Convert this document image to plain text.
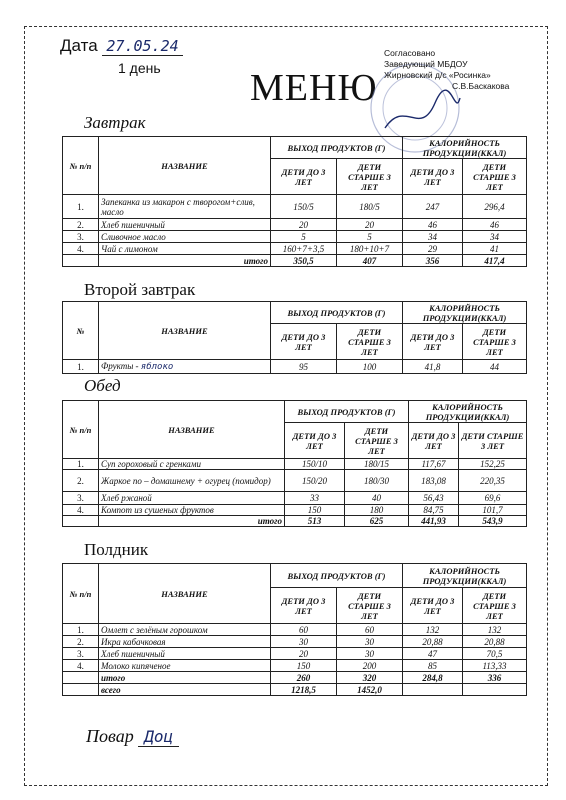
Дата 27.05.24
1 день МЕНЮ
Согласовано
Заведующий МБДОУ
Жирновский д/с «Росинка»
С.В.Баскакова
Завтрак
№ п/п	НАЗВАНИЕ	ВЫХОД ПРОДУКТОВ (Г)		КАЛОРИЙНОСТЬ ПРОДУКЦИИ(ККАЛ)	
		ДЕТИ ДО 3 ЛЕТ	ДЕТИ СТАРШЕ 3 ЛЕТ	ДЕТИ ДО 3 ЛЕТ	ДЕТИ СТАРШЕ 3 ЛЕТ
1.	Запеканка из макарон с творогом+слив, масло	150/5	180/5	247	296,4
2.	Хлеб пшеничный	20	20	46	46
3.	Сливочное масло	5	5	34	34
4.	Чай с лимоном	160+7+3,5	180+10+7	29	41
	итого	350,5	407	356	417,4
Второй завтрак
№	НАЗВАНИЕ	ВЫХОД ПРОДУКТОВ (Г)		КАЛОРИЙНОСТЬ ПРОДУКЦИИ(ККАЛ)	
		ДЕТИ ДО 3 ЛЕТ	ДЕТИ СТАРШЕ 3 ЛЕТ	ДЕТИ ДО 3 ЛЕТ	ДЕТИ СТАРШЕ 3 ЛЕТ
1.	Фрукты - яблоко	95	100	41,8	44
Обед
№ п/п	НАЗВАНИЕ	ВЫХОД ПРОДУКТОВ (Г)		КАЛОРИЙНОСТЬ ПРОДУКЦИИ(ККАЛ)	
		ДЕТИ ДО 3 ЛЕТ	ДЕТИ СТАРШЕ 3 ЛЕТ	ДЕТИ ДО 3 ЛЕТ	ДЕТИ СТАРШЕ 3 ЛЕТ
1.	Суп гороховый с гренками	150/10	180/15	117,67	152,25
2.	Жаркое по – домашнему + огурец (помидор)	150/20	180/30	183,08	220,35
3.	Хлеб ржаной	33	40	56,43	69,6
4.	Компот из сушеных фруктов	150	180	84,75	101,7
	итого	513	625	441,93	543,9
Полдник
№ п/п	НАЗВАНИЕ	ВЫХОД ПРОДУКТОВ (Г)		КАЛОРИЙНОСТЬ ПРОДУКЦИИ(ККАЛ)	
		ДЕТИ ДО 3 ЛЕТ	ДЕТИ СТАРШЕ 3 ЛЕТ	ДЕТИ ДО 3 ЛЕТ	ДЕТИ СТАРШЕ 3 ЛЕТ
1.	Омлет с зелёным горошком	60	60	132	132
2.	Икра кабачковая	30	30	20,88	20,88
3.	Хлеб пшеничный	20	30	47	70,5
4.	Молоко кипяченое	150	200	85	113,33
	итого	260	320	284,8	336
	всего	1218,5	1452,0		
Повар Доц
